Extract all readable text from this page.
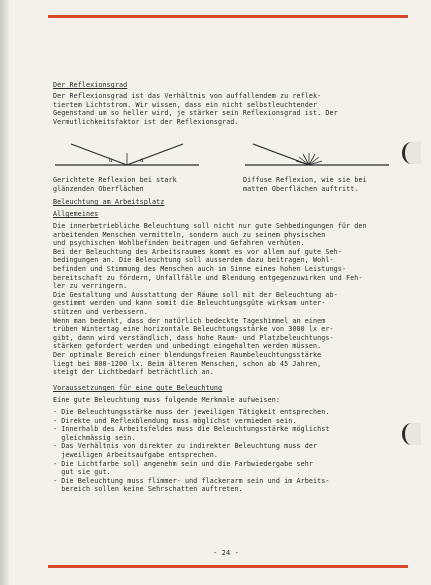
Der Reflexionsgrad

Der Reflexionsgrad ist das Verhältnis von auffallendem zu reflek-
tiertem Lichtstrom. Wir wissen, dass ein nicht selbstleuchtender
Gegenstand um so heller wird, je stärker sein Reflexionsgrad ist. Der
Vermutlichkeitsfaktor ist der Reflexionsgrad.

α	α

Gerichtete Reflexion bei stark
glänzenden Oberflächen

Diffuse Reflexion, wie sie bei
matten Oberflächen auftritt.

Beleuchtung am Arbeitsplatz

Allgemeines

Die innerbetriebliche Beleuchtung soll nicht nur gute Sehbedingungen für den
arbeitenden Menschen vermitteln, sondern auch zu seinem physischen
und psychischen Wohlbefinden beitragen und Gefahren verhüten.
Bei der Beleuchtung des Arbeitsraumes kommt es vor allem auf gute Seh-
bedingungen an. Die Beleuchtung soll ausserdem dazu beitragen, Wohl-
befinden und Stimmung des Menschen auch im Sinne eines hohen Leistungs-
bereitschaft zu fördern, Unfallfälle und Blendung entgegenzuwirken und Feh-
ler zu verringern.
Die Gestaltung und Ausstattung der Räume soll mit der Beleuchtung ab-
gestimmt werden und kann somit die Beleuchtungsgüte wirksam unter-
stützen und verbessern.
Wenn man bedenkt, dass der natürlich bedeckte Tageshimmel an einem
trüben Wintertag eine horizontale Beleuchtungsstärke von 3000 lx er-
gibt, dann wird verständlich, dass hohe Raum- und Platzbeleuchtungs-
stärken gefordert werden und unbedingt eingehalten werden müssen.
Der optimale Bereich einer blendungsfreien Raumbeleuchtungsstärke
liegt bei 800-1200 lx. Beim älteren Menschen, schon ab 45 Jahren,
steigt der Lichtbedarf beträchtlich an.

Voraussetzungen für eine gute Beleuchtung

Eine gute Beleuchtung muss folgende Merkmale aufweisen:

- Die Beleuchtungsstärke muss der jeweiligen Tätigkeit entsprechen.
- Direkte und Reflexblendung muss möglichst vermieden sein.
- Innerhalb des Arbeitsfeldes muss die Beleuchtungsstärke möglichst
gleichmässig sein.
- Das Verhältnis von direkter zu indirekter Beleuchtung muss der
jeweiligen Arbeitsaufgabe entsprechen.
- Die Lichtfarbe soll angenehm sein und die Farbwiedergabe sehr
gut sie gut.
- Die Beleuchtung muss flimmer- und flackerarm sein und im Arbeits-
bereich sollen keine Sehrschatten auftreten.

- 24 -
